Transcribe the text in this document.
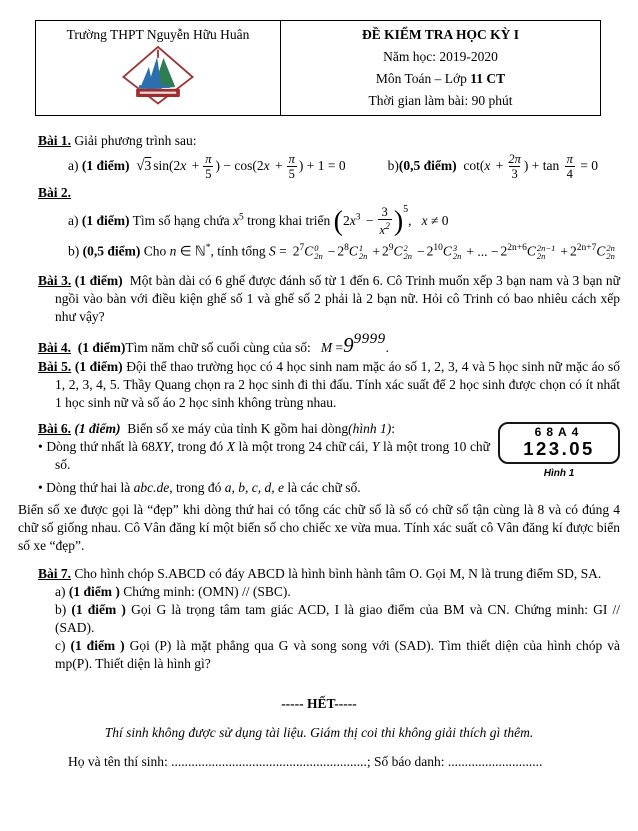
Trường THPT Nguyễn Hữu Huân	ĐỀ KIỂM TRA HỌC KỲ I
Năm học: 2019-2020
Môn Toán – Lớp 11 CT
Thời gian làm bài: 90 phút
Bài 1. Giải phương trình sau:
a) (1 điểm) √3 $\sin(2x + \frac{\pi}{5}$ ) − $\cos(2x + \frac{\pi}{5}$ ) + 1 = 0	b)(0,5 điểm) $\cot(x + \frac{2\pi}{3}$ ) + $\tan \frac{\pi}{4} = 0$
Bài 2.
a) (1 điểm) Tìm số hạng chứa $x^5$ trong khai triển $(2x^3 - \frac{3}{x^2} )^5$, x ≠ 0
b) (0,5 điểm) Cho n ∈ ℕ*, tính tổng $S = 2^7C$ 0
$2n - 2^8C$ 1
$2n + 2^9C$ 2
$2n - 2^{10}C$ 3
2n + ... − $2^{2n+6}C$ 2n−1
2n	+ $2^{2n+7}C$ 2n
2n
Bài 3. (1 điểm) Một bàn dài có 6 ghế được đánh số từ 1 đến 6. Cô Trinh muốn xếp 3 bạn nam và 3 bạn nữ ngồi vào bàn với điều kiện ghế số 1 và ghế số 2 phải là 2 bạn nữ. Hỏi cô Trinh có bao nhiêu cách xếp như vậy?
Bài 4. (1 điểm)Tìm năm chữ số cuối cùng của số: M =99999.
Bài 5. (1 điểm) Đội thể thao trường học có 4 học sinh nam mặc áo số 1, 2, 3, 4 và 5 học sinh nữ mặc áo số 1, 2, 3, 4, 5. Thầy Quang chọn ra 2 học sinh đi thi đấu. Tính xác suất để 2 học sinh được chọn có ít nhất 1 học sinh nữ và số áo 2 học sinh không trùng nhau.
68A4
123.05
Hình 1
Bài 6. (1 điểm) Biển số xe máy của tỉnh K gồm hai dòng(hình 1):
• Dòng thứ nhất là 68XY, trong đó X là một trong 24 chữ cái, Y là một trong 10 chữ số.
• Dòng thứ hai là abc.de, trong đó a, b, c, d, e là các chữ số.
Biển số xe được gọi là “đẹp” khi dòng thứ hai có tổng các chữ số là số có chữ số tận cùng là 8 và có đúng 4 chữ số giống nhau. Cô Vân đăng kí một biển số cho chiếc xe vừa mua. Tính xác suất cô Vân đăng kí được biển số xe “đẹp”.
Bài 7. Cho hình chóp S.ABCD có đáy ABCD là hình bình hành tâm O. Gọi M, N là trung điểm SD, SA.
a) (1 điểm ) Chứng minh: (OMN) // (SBC).
b) (1 điểm ) Gọi G là trọng tâm tam giác ACD, I là giao điểm của BM và CN. Chứng minh: GI // (SAD).
c) (1 điểm ) Gọi (P) là mặt phẳng qua G và song song với (SAD). Tìm thiết diện của hình chóp và mp(P). Thiết diện là hình gì?
----- HẾT-----
Thí sinh không được sử dụng tài liệu. Giám thị coi thi không giải thích gì thêm.
Họ và tên thí sinh: ..........................................................; Số báo danh: ............................
